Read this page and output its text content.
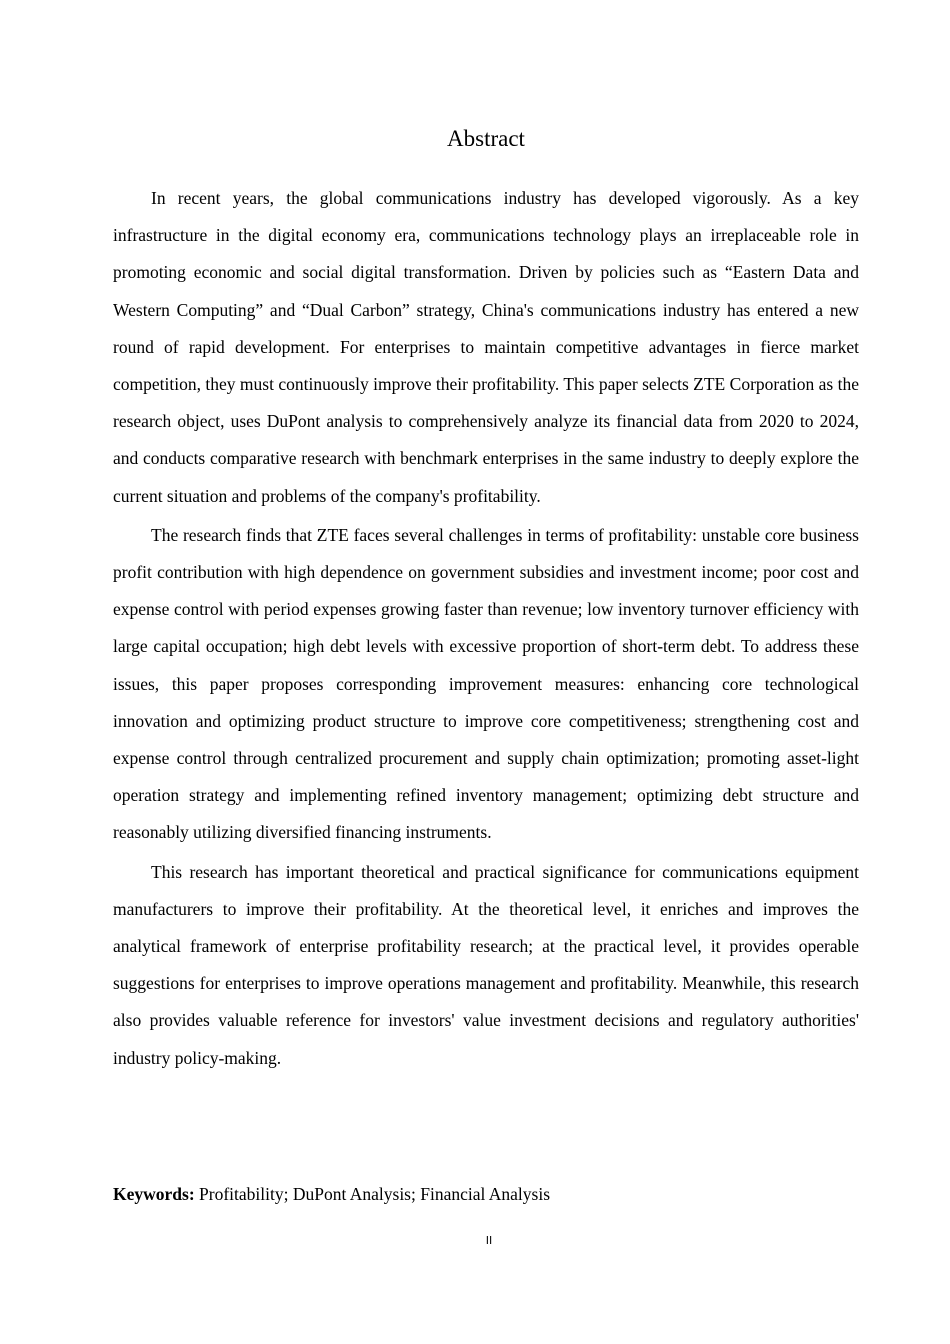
Abstract

In recent years, the global communications industry has developed vigorously. As a key infrastructure in the digital economy era, communications technology plays an irreplaceable role in promoting economic and social digital transformation. Driven by policies such as “Eastern Data and Western Computing” and “Dual Carbon” strategy, China's communications industry has entered a new round of rapid development. For enterprises to maintain competitive advantages in fierce market competition, they must continuously improve their profitability. This paper selects ZTE Corporation as the research object, uses DuPont analysis to comprehensively analyze its financial data from 2020 to 2024, and conducts comparative research with benchmark enterprises in the same industry to deeply explore the current situation and problems of the company's profitability.

The research finds that ZTE faces several challenges in terms of profitability: unstable core business profit contribution with high dependence on government subsidies and investment income; poor cost and expense control with period expenses growing faster than revenue; low inventory turnover efficiency with large capital occupation; high debt levels with excessive proportion of short-term debt. To address these issues, this paper proposes corresponding improvement measures: enhancing core technological innovation and optimizing product structure to improve core competitiveness; strengthening cost and expense control through centralized procurement and supply chain optimization; promoting asset-light operation strategy and implementing refined inventory management; optimizing debt structure and reasonably utilizing diversified financing instruments.

This research has important theoretical and practical significance for communications equipment manufacturers to improve their profitability. At the theoretical level, it enriches and improves the analytical framework of enterprise profitability research; at the practical level, it provides operable suggestions for enterprises to improve operations management and profitability. Meanwhile, this research also provides valuable reference for investors' value investment decisions and regulatory authorities' industry policy-making.

Keywords: Profitability; DuPont Analysis; Financial Analysis
II
